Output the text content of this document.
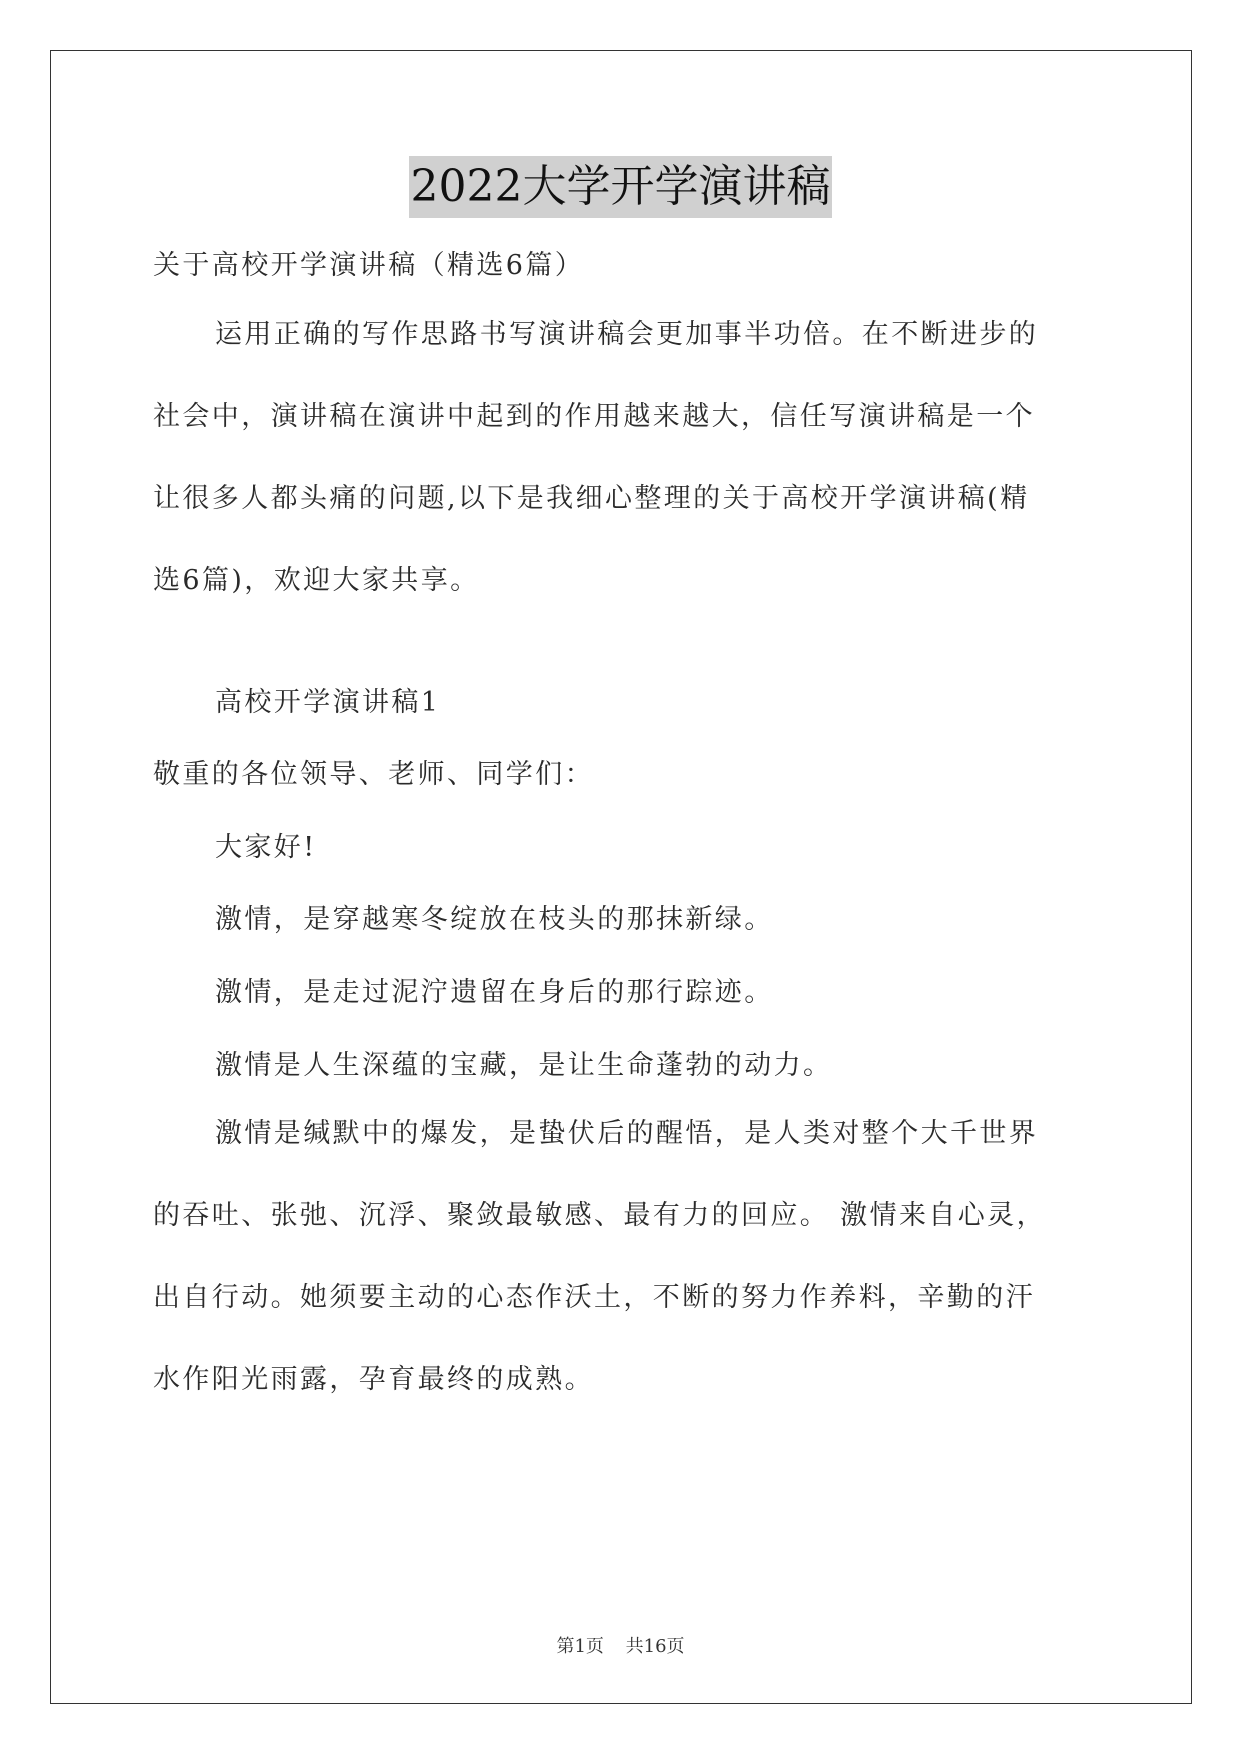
2022大学开学演讲稿

关于高校开学演讲稿（精选6篇）

运用正确的写作思路书写演讲稿会更加事半功倍。在不断进步的
社会中，演讲稿在演讲中起到的作用越来越大，信任写演讲稿是一个
让很多人都头痛的问题,以下是我细心整理的关于高校开学演讲稿(精
选6篇)，欢迎大家共享。

高校开学演讲稿1

敬重的各位领导、老师、同学们：

大家好!

激情，是穿越寒冬绽放在枝头的那抹新绿。

激情，是走过泥泞遗留在身后的那行踪迹。

激情是人生深蕴的宝藏，是让生命蓬勃的动力。

激情是缄默中的爆发，是蛰伏后的醒悟，是人类对整个大千世界
的吞吐、张弛、沉浮、聚敛最敏感、最有力的回应。 激情来自心灵，
出自行动。她须要主动的心态作沃土，不断的努力作养料，辛勤的汗
水作阳光雨露，孕育最终的成熟。
第1页 共16页
